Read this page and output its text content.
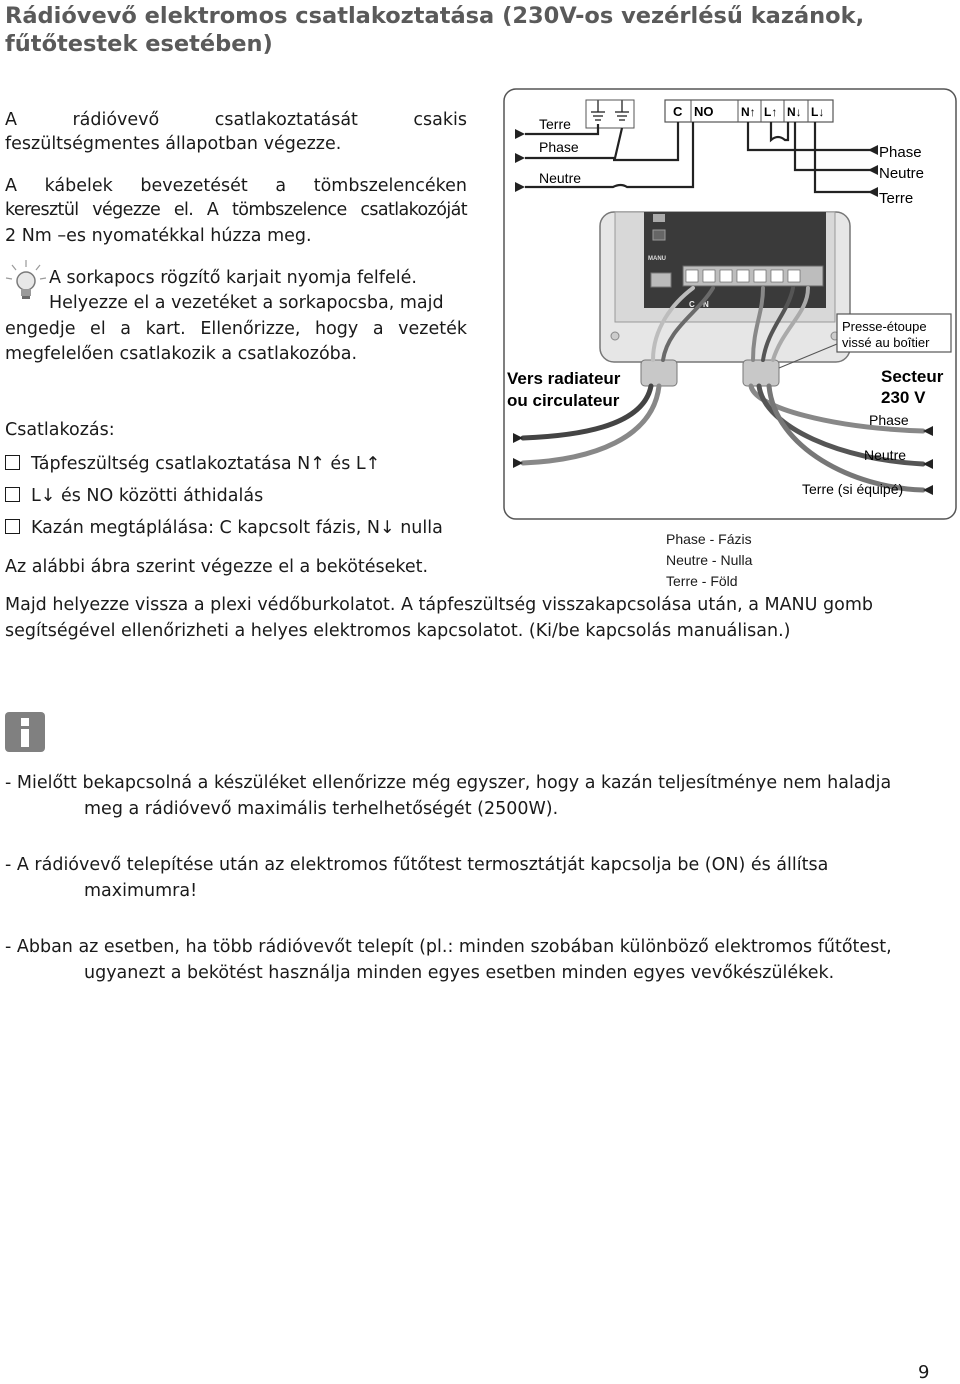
Rádióvevő elektromos csatlakoztatása (230V-os vezérlésű kazánok, fűtőtestek esetében)

A rádióvevő csatlakoztatását csakis

feszültségmentes állapotban végezze.

A kábelek bevezetését a tömbszelencéken

keresztül végezze el. A tömbszelence csatlakozóját

2 Nm –es nyomatékkal húzza meg.

A sorkapocs rögzítő karjait nyomja felfelé.

Helyezze el a vezetéket a sorkapocsba, majd

engedje el a kart. Ellenőrizze, hogy a vezeték

megfelelően csatlakozik a csatlakozóba.

Csatlakozás:

Tápfeszültség csatlakoztatása N↑ és L↑
L↓ és NO közötti áthidalás
Kazán megtáplálása: C kapcsolt fázis, N↓ nulla

Az alábbi ábra szerint végezze el a bekötéseket.

MANU
C N
C NO N↑ L↑ N↓ L↓
Terre
Phase
Neutre
Phase
Neutre
Terre
Presse-étoupe
vissé au boîtier
Vers radiateur
ou circulateur
Secteur
230 V
Phase
Neutre
Terre (si équipé)
Phase - Fázis
Neutre - Nulla
Terre - Föld

Majd helyezze vissza a plexi védőburkolatot. A tápfeszültség visszakapcsolása után, a MANU gomb

segítségével ellenőrizheti a helyes elektromos kapcsolatot. (Ki/be kapcsolás manuálisan.)

- Mielőtt bekapcsolná a készüléket ellenőrizze még egyszer, hogy a kazán teljesítménye nem haladja
meg a rádióvevő maximális terhelhetőségét (2500W).

- A rádióvevő telepítése után az elektromos fűtőtest termosztátját kapcsolja be (ON) és állítsa
maximumra!

- Abban az esetben, ha több rádióvevőt telepít (pl.: minden szobában különböző elektromos fűtőtest,
ugyanezt a bekötést használja minden egyes esetben minden egyes vevőkészülékek.

9
